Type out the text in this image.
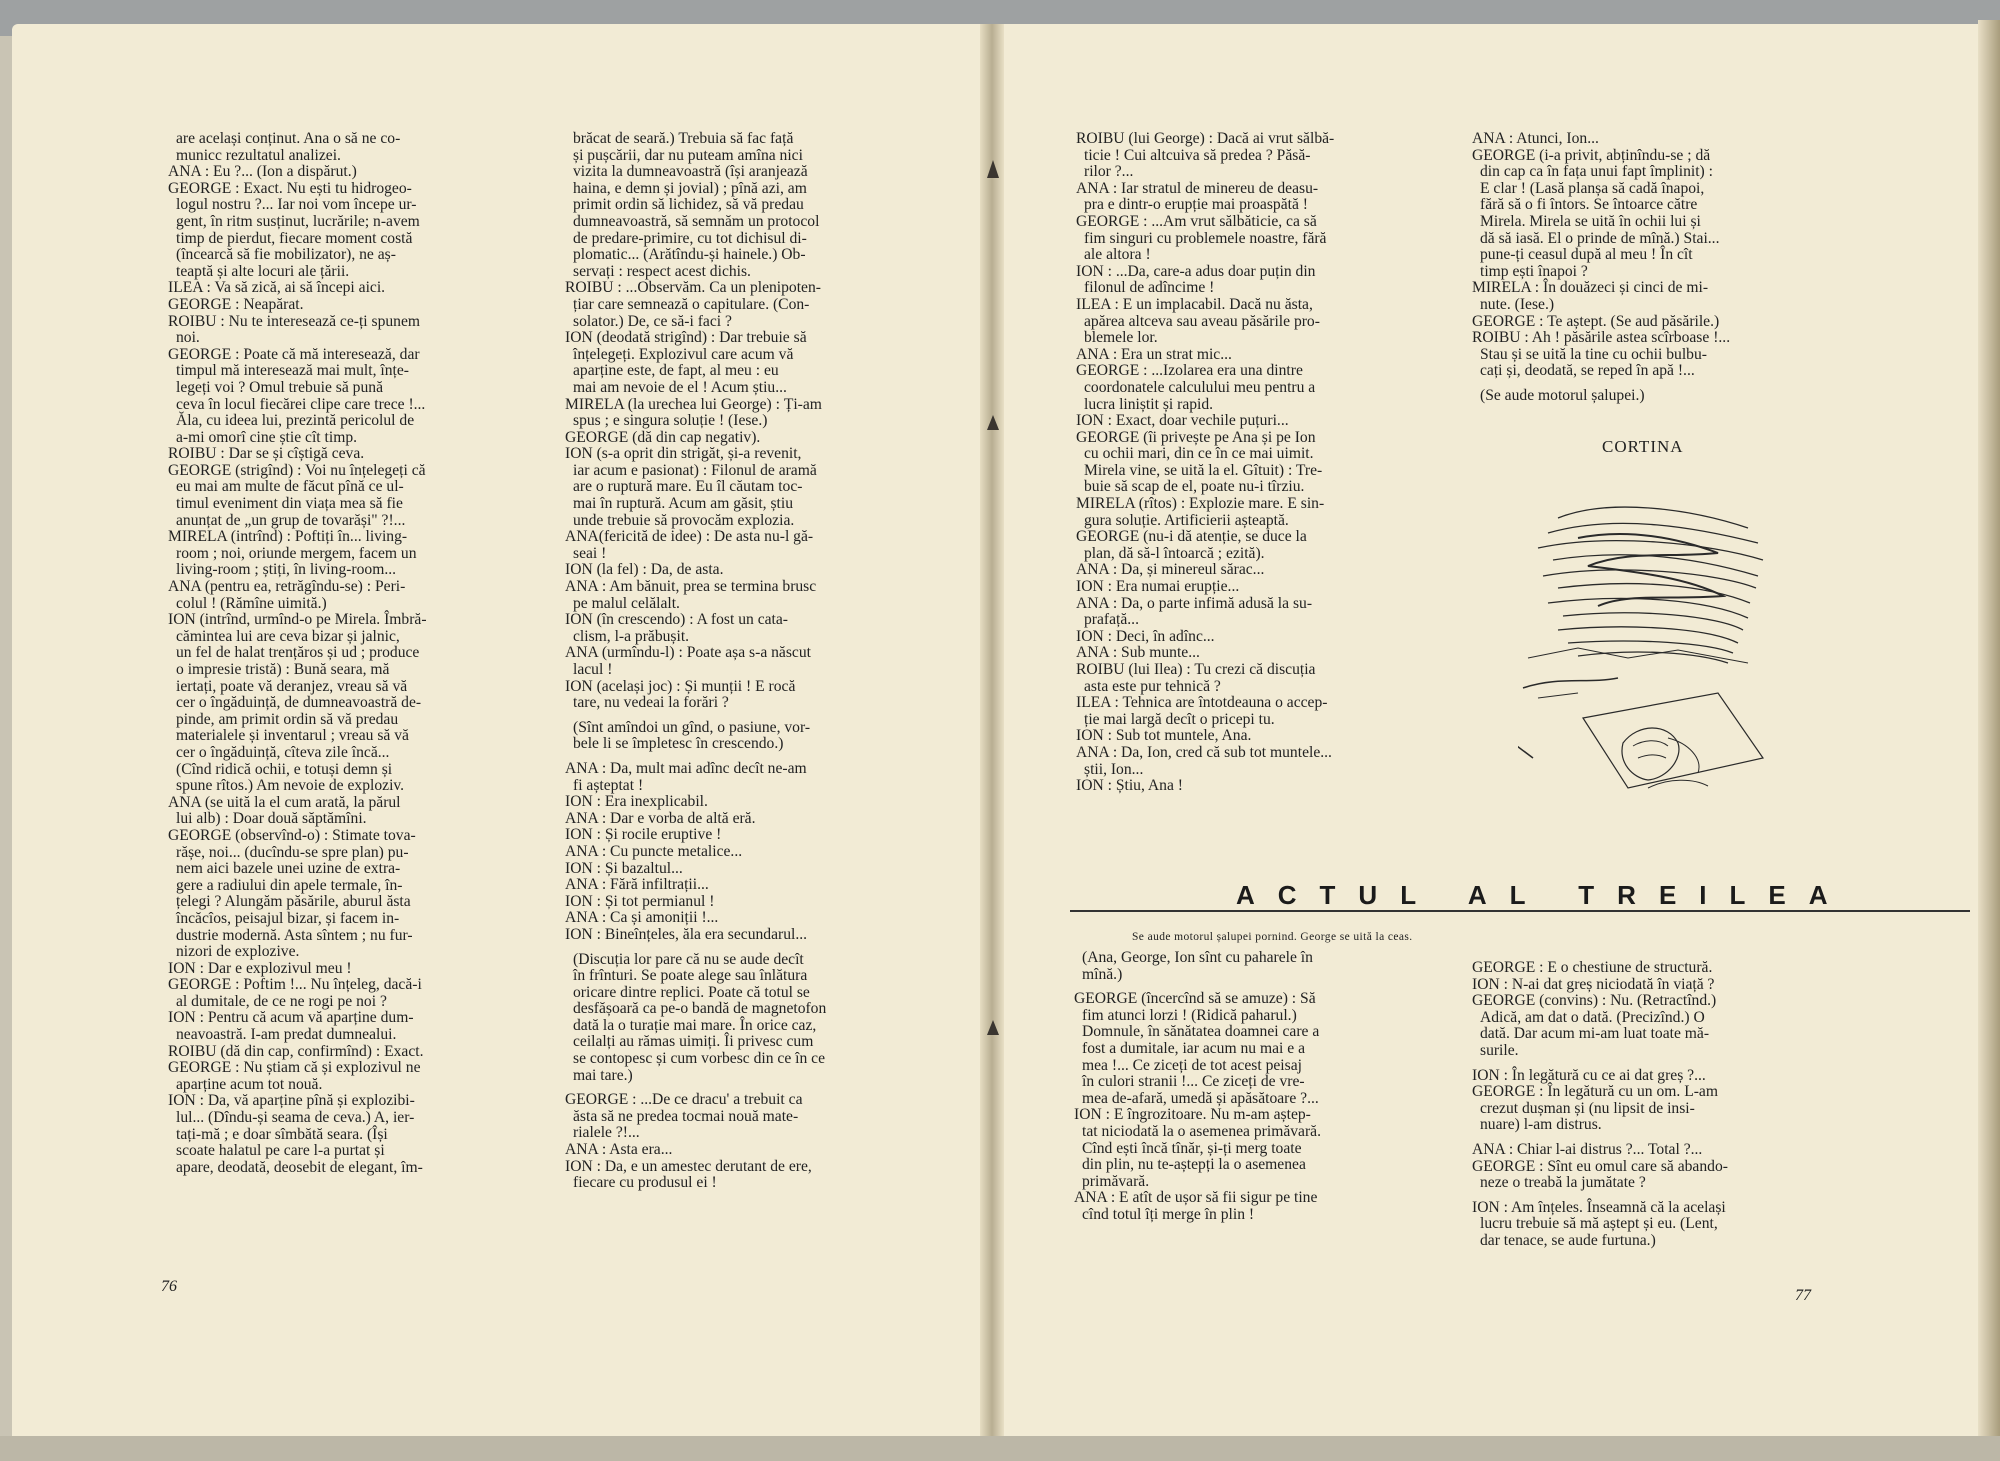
are același conținut. Ana o să ne co-

municc rezultatul analizei.

ANA : Eu ?... (Ion a dispărut.)

GEORGE : Exact. Nu ești tu hidrogeo-

logul nostru ?... Iar noi vom începe ur-

gent, în ritm susținut, lucrările; n-avem

timp de pierdut, fiecare moment costă

(încearcă să fie mobilizator), ne aș-

teaptă și alte locuri ale țării.

ILEA : Va să zică, ai să începi aici.

GEORGE : Neapărat.

ROIBU : Nu te interesează ce-ți spunem

noi.

GEORGE : Poate că mă interesează, dar

timpul mă interesează mai mult, înțe-

legeți voi ? Omul trebuie să pună

ceva în locul fiecărei clipe care trece !...

Ăla, cu ideea lui, prezintă pericolul de

a-mi omorî cine știe cît timp.

ROIBU : Dar se și cîștigă ceva.

GEORGE (strigînd) : Voi nu înțelegeți că

eu mai am multe de făcut pînă ce ul-

timul eveniment din viața mea să fie

anunțat de „un grup de tovarăși" ?!...

MIRELA (intrînd) : Poftiți în... living-

room ; noi, oriunde mergem, facem un

living-room ; știți, în living-room...

ANA (pentru ea, retrăgîndu-se) : Peri-

colul ! (Rămîne uimită.)

ION (intrînd, urmînd-o pe Mirela. Îmbră-

cămintea lui are ceva bizar și jalnic,

un fel de halat trențăros și ud ; produce

o impresie tristă) : Bună seara, mă

iertați, poate vă deranjez, vreau să vă

cer o îngăduință, de dumneavoastră de-

pinde, am primit ordin să vă predau

materialele și inventarul ; vreau să vă

cer o îngăduință, cîteva zile încă...

(Cînd ridică ochii, e totuși demn și

spune rîtos.) Am nevoie de exploziv.

ANA (se uită la el cum arată, la părul

lui alb) : Doar două săptămîni.

GEORGE (observînd-o) : Stimate tova-

rășe, noi... (ducîndu-se spre plan) pu-

nem aici bazele unei uzine de extra-

gere a radiului din apele termale, în-

țelegi ? Alungăm păsările, aburul ăsta

încăcîos, peisajul bizar, și facem in-

dustrie modernă. Asta sîntem ; nu fur-

nizori de explozive.

ION : Dar e explozivul meu !

GEORGE : Poftim !... Nu înțeleg, dacă-i

al dumitale, de ce ne rogi pe noi ?

ION : Pentru că acum vă aparține dum-

neavoastră. I-am predat dumnealui.

ROIBU (dă din cap, confirmînd) : Exact.

GEORGE : Nu știam că și explozivul ne

aparține acum tot nouă.

ION : Da, vă aparține pînă și explozibi-

lul... (Dîndu-și seama de ceva.) A, ier-

tați-mă ; e doar sîmbătă seara. (Își

scoate halatul pe care l-a purtat și

apare, deodată, deosebit de elegant, îm-

brăcat de seară.) Trebuia să fac față

și pușcării, dar nu puteam amîna nici

vizita la dumneavoastră (își aranjează

haina, e demn și jovial) ; pînă azi, am

primit ordin să lichidez, să vă predau

dumneavoastră, să semnăm un protocol

de predare-primire, cu tot dichisul di-

plomatic... (Arătîndu-și hainele.) Ob-

servați : respect acest dichis.

ROIBU : ...Observăm. Ca un plenipoten-

țiar care semnează o capitulare. (Con-

solator.) De, ce să-i faci ?

ION (deodată strigînd) : Dar trebuie să

înțelegeți. Explozivul care acum vă

aparține este, de fapt, al meu : eu

mai am nevoie de el ! Acum știu...

MIRELA (la urechea lui George) : Ți-am

spus ; e singura soluție ! (Iese.)

GEORGE (dă din cap negativ).

ION (s-a oprit din strigăt, și-a revenit,

iar acum e pasionat) : Filonul de aramă

are o ruptură mare. Eu îl căutam toc-

mai în ruptură. Acum am găsit, știu

unde trebuie să provocăm explozia.

ANA(fericită de idee) : De asta nu-l gă-

seai !

ION (la fel) : Da, de asta.

ANA : Am bănuit, prea se termina brusc

pe malul celălalt.

ION (în crescendo) : A fost un cata-

clism, l-a prăbușit.

ANA (urmîndu-l) : Poate așa s-a născut

lacul !

ION (același joc) : Și munții ! E rocă

tare, nu vedeai la forări ?

(Sînt amîndoi un gînd, o pasiune, vor-

bele li se împletesc în crescendo.)

ANA : Da, mult mai adînc decît ne-am

fi așteptat !

ION : Era inexplicabil.

ANA : Dar e vorba de altă eră.

ION : Și rocile eruptive !

ANA : Cu puncte metalice...

ION : Și bazaltul...

ANA : Fără infiltrații...

ION : Și tot permianul !

ANA : Ca și amoniții !...

ION : Bineînțeles, ăla era secundarul...

(Discuția lor pare că nu se aude decît

în frînturi. Se poate alege sau înlătura

oricare dintre replici. Poate că totul se

desfășoară ca pe-o bandă de magnetofon

dată la o turație mai mare. În orice caz,

ceilalți au rămas uimiți. Îi privesc cum

se contopesc și cum vorbesc din ce în ce

mai tare.)

GEORGE : ...De ce dracu' a trebuit ca

ăsta să ne predea tocmai nouă mate-

rialele ?!...

ANA : Asta era...

ION : Da, e un amestec derutant de ere,

fiecare cu produsul ei !

ROIBU (lui George) : Dacă ai vrut sălbă-

ticie ! Cui altcuiva să predea ? Păsă-

rilor ?...

ANA : Iar stratul de minereu de deasu-

pra e dintr-o erupție mai proaspătă !

GEORGE : ...Am vrut sălbăticie, ca să

fim singuri cu problemele noastre, fără

ale altora !

ION : ...Da, care-a adus doar puțin din

filonul de adîncime !

ILEA : E un implacabil. Dacă nu ăsta,

apărea altceva sau aveau păsările pro-

blemele lor.

ANA : Era un strat mic...

GEORGE : ...Izolarea era una dintre

coordonatele calculului meu pentru a

lucra liniștit și rapid.

ION : Exact, doar vechile puțuri...

GEORGE (îi privește pe Ana și pe Ion

cu ochii mari, din ce în ce mai uimit.

Mirela vine, se uită la el. Gîtuit) : Tre-

buie să scap de el, poate nu-i tîrziu.

MIRELA (rîtos) : Explozie mare. E sin-

gura soluție. Artificierii așteaptă.

GEORGE (nu-i dă atenție, se duce la

plan, dă să-l întoarcă ; ezită).

ANA : Da, și minereul sărac...

ION : Era numai erupție...

ANA : Da, o parte infimă adusă la su-

prafață...

ION : Deci, în adînc...

ANA : Sub munte...

ROIBU (lui Ilea) : Tu crezi că discuția

asta este pur tehnică ?

ILEA : Tehnica are întotdeauna o accep-

ție mai largă decît o pricepi tu.

ION : Sub tot muntele, Ana.

ANA : Da, Ion, cred că sub tot muntele...

știi, Ion...

ION : Știu, Ana !

ANA : Atunci, Ion...

GEORGE (i-a privit, abținîndu-se ; dă

din cap ca în fața unui fapt împlinit) :

E clar ! (Lasă planșa să cadă înapoi,

fără să o fi întors. Se întoarce către

Mirela. Mirela se uită în ochii lui și

dă să iasă. El o prinde de mînă.) Stai...

pune-ți ceasul după al meu ! În cît

timp ești înapoi ?

MIRELA : În douăzeci și cinci de mi-

nute. (Iese.)

GEORGE : Te aștept. (Se aud păsările.)

ROIBU : Ah ! păsările astea scîrboase !...

Stau și se uită la tine cu ochii bulbu-

cați și, deodată, se reped în apă !...

(Se aude motorul șalupei.)

(Ana, George, Ion sînt cu paharele în

mînă.)

GEORGE (încercînd să se amuze) : Să

fim atunci lorzi ! (Ridică paharul.)

Domnule, în sănătatea doamnei care a

fost a dumitale, iar acum nu mai e a

mea !... Ce ziceți de tot acest peisaj

în culori stranii !... Ce ziceți de vre-

mea de-afară, umedă și apăsătoare ?...

ION : E îngrozitoare. Nu m-am aștep-

tat niciodată la o asemenea primăvară.

Cînd ești încă tînăr, și-ți merg toate

din plin, nu te-aștepți la o asemenea

primăvară.

ANA : E atît de ușor să fii sigur pe tine

cînd totul îți merge în plin !

GEORGE : E o chestiune de structură.

ION : N-ai dat greș niciodată în viață ?

GEORGE (convins) : Nu. (Retractînd.)

Adică, am dat o dată. (Precizînd.) O

dată. Dar acum mi-am luat toate mă-

surile.

ION : În legătură cu ce ai dat greș ?...

GEORGE : În legătură cu un om. L-am

crezut dușman și (nu lipsit de insi-

nuare) l-am distrus.

ANA : Chiar l-ai distrus ?... Total ?...

GEORGE : Sînt eu omul care să abando-

neze o treabă la jumătate ?

ION : Am înțeles. Înseamnă că la același

lucru trebuie să mă aștept și eu. (Lent,

dar tenace, se aude furtuna.)

CORTINA
ACTUL AL TREILEA
Se aude motorul șalupei pornind. George se uită la ceas.
76
77
